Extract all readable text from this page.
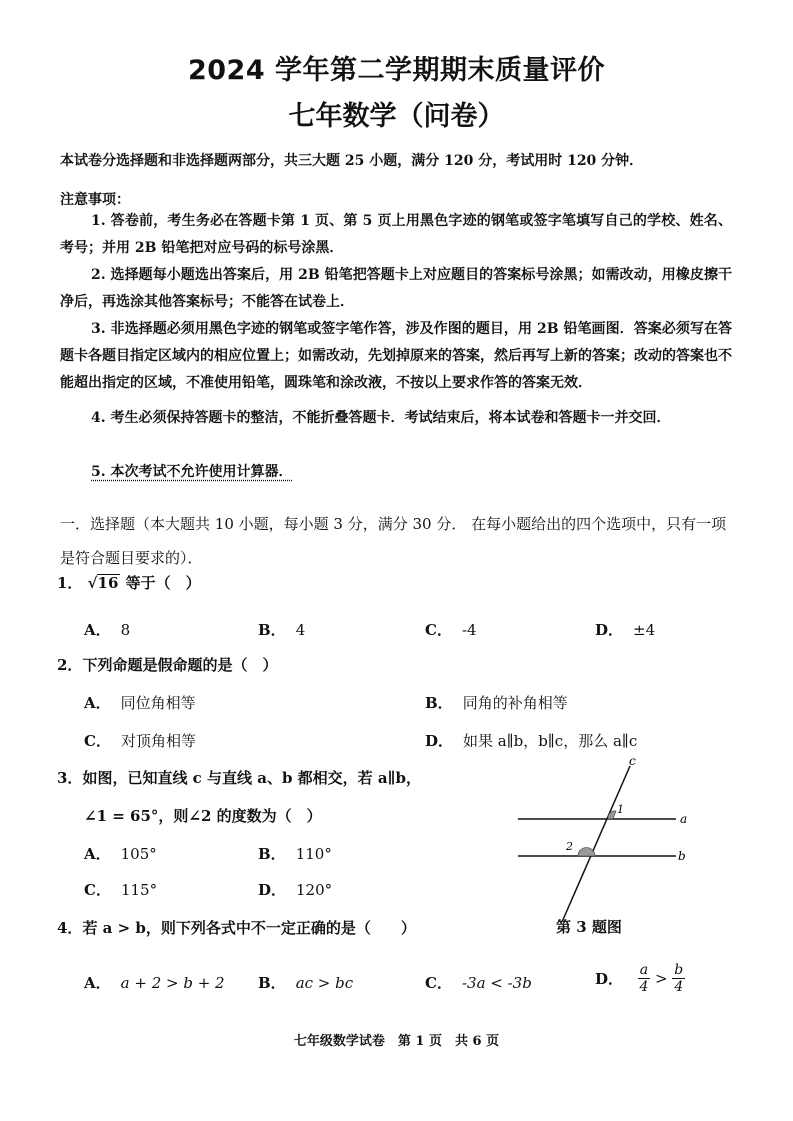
2024 学年第二学期期末质量评价
七年数学（问卷）
本试卷分选择题和非选择题两部分，共三大题 25 小题，满分 120 分，考试用时 120 分钟．
注意事项：
1. 答卷前，考生务必在答题卡第 1 页、第 5 页上用黑色字迹的钢笔或签字笔填写自己的学校、姓名、考号；并用 2B 铅笔把对应号码的标号涂黑．
2. 选择题每小题选出答案后，用 2B 铅笔把答题卡上对应题目的答案标号涂黑；如需改动，用橡皮擦干净后，再选涂其他答案标号；不能答在试卷上．
3. 非选择题必须用黑色字迹的钢笔或签字笔作答，涉及作图的题目，用 2B 铅笔画图．答案必须写在答题卡各题目指定区域内的相应位置上；如需改动，先划掉原来的答案，然后再写上新的答案；改动的答案也不能超出指定的区域，不准使用铅笔，圆珠笔和涂改液，不按以上要求作答的答案无效．
4. 考生必须保持答题卡的整洁，不能折叠答题卡．考试结束后，将本试卷和答题卡一并交回．
5. 本次考试不允许使用计算器．
一．选择题（本大题共 10 小题，每小题 3 分，满分 30 分． 在每小题给出的四个选项中，只有一项是符合题目要求的）．
1． √16 等于（　）
A． 8	B． 4	C． -4	D． ±4
2．下列命题是假命题的是（　）
A． 同位角相等	B． 同角的补角相等
C． 对顶角相等	D． 如果 a∥b，b∥c，那么 a∥c
3．如图，已知直线 c 与直线 a、b 都相交，若 a∥b，
∠1 = 65°，则∠2 的度数为（　）
A． 105°	B． 110°
C． 115°	D． 120°
c
a
b
1
2
第 3 题图
4．若 a > b，则下列各式中不一定正确的是（　　）
A． a + 2 > b + 2 B． ac > bc	C． -3a < -3b	D． $\frac{a}{4} > \frac{b}{4}$
七年级数学试卷　第 1 页　共 6 页
